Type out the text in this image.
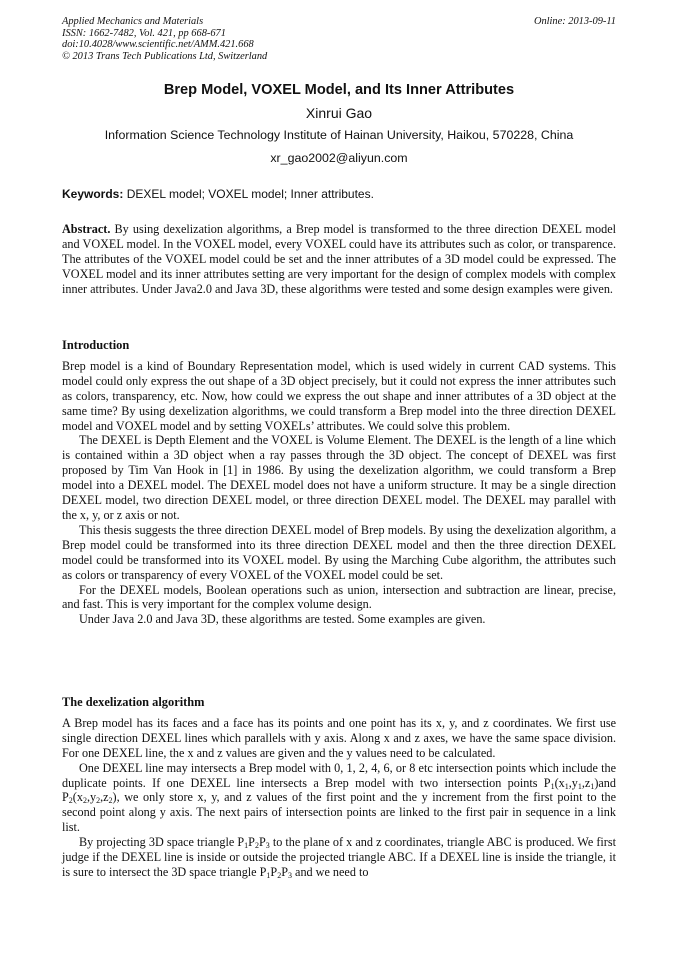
Applied Mechanics and Materials	Online: 2013-09-11
ISSN: 1662-7482, Vol. 421, pp 668-671
doi:10.4028/www.scientific.net/AMM.421.668
© 2013 Trans Tech Publications Ltd, Switzerland
Brep Model, VOXEL Model, and Its Inner Attributes
Xinrui Gao
Information Science Technology Institute of Hainan University, Haikou, 570228, China
xr_gao2002@aliyun.com
Keywords: DEXEL model; VOXEL model; Inner attributes.

Abstract. By using dexelization algorithms, a Brep model is transformed to the three direction DEXEL model and VOXEL model. In the VOXEL model, every VOXEL could have its attributes such as color, or transparence. The attributes of the VOXEL model could be set and the inner attributes of a 3D model could be expressed. The VOXEL model and its inner attributes setting are very important for the design of complex models with complex inner attributes. Under Java2.0 and Java 3D, these algorithms were tested and some design examples were given.

Introduction

Brep model is a kind of Boundary Representation model, which is used widely in current CAD systems. This model could only express the out shape of a 3D object precisely, but it could not express the inner attributes such as colors, transparency, etc. Now, how could we express the out shape and inner attributes of a 3D object at the same time? By using dexelization algorithms, we could transform a Brep model into the three direction DEXEL model and VOXEL model and by setting VOXELs’ attributes. We could solve this problem.

The DEXEL is Depth Element and the VOXEL is Volume Element. The DEXEL is the length of a line which is contained within a 3D object when a ray passes through the 3D object. The concept of DEXEL was first proposed by Tim Van Hook in [1] in 1986. By using the dexelization algorithm, we could transform a Brep model into a DEXEL model. The DEXEL model does not have a uniform structure. It may be a single direction DEXEL model, two direction DEXEL model, or three direction DEXEL model. The DEXEL may parallel with the x, y, or z axis or not.

This thesis suggests the three direction DEXEL model of Brep models. By using the dexelization algorithm, a Brep model could be transformed into its three direction DEXEL model and then the three direction DEXEL model could be transformed into its VOXEL model. By using the Marching Cube algorithm, the attributes such as colors or transparency of every VOXEL of the VOXEL model could be set.

For the DEXEL models, Boolean operations such as union, intersection and subtraction are linear, precise, and fast. This is very important for the complex volume design.

Under Java 2.0 and Java 3D, these algorithms are tested. Some examples are given.

The dexelization algorithm

A Brep model has its faces and a face has its points and one point has its x, y, and z coordinates. We first use single direction DEXEL lines which parallels with y axis. Along x and z axes, we have the same space division. For one DEXEL line, the x and z values are given and the y values need to be calculated.

One DEXEL line may intersects a Brep model with 0, 1, 2, 4, 6, or 8 etc intersection points which include the duplicate points. If one DEXEL line intersects a Brep model with two intersection points $P_1(x_1,y_1,z_1)and$ $P_2(x_2,y_2,z_2)$, we only store x, y, and z values of the first point and the y increment from the first point to the second point along y axis. The next pairs of intersection points are linked to the first pair in sequence in a link list.

By projecting 3D space triangle $P_1P_2P_3$ to the plane of x and z coordinates, triangle ABC is produced. We first judge if the DEXEL line is inside or outside the projected triangle ABC. If a DEXEL line is inside the triangle, it is sure to intersect the 3D space triangle $P_1P_2P_3$ and we need to
